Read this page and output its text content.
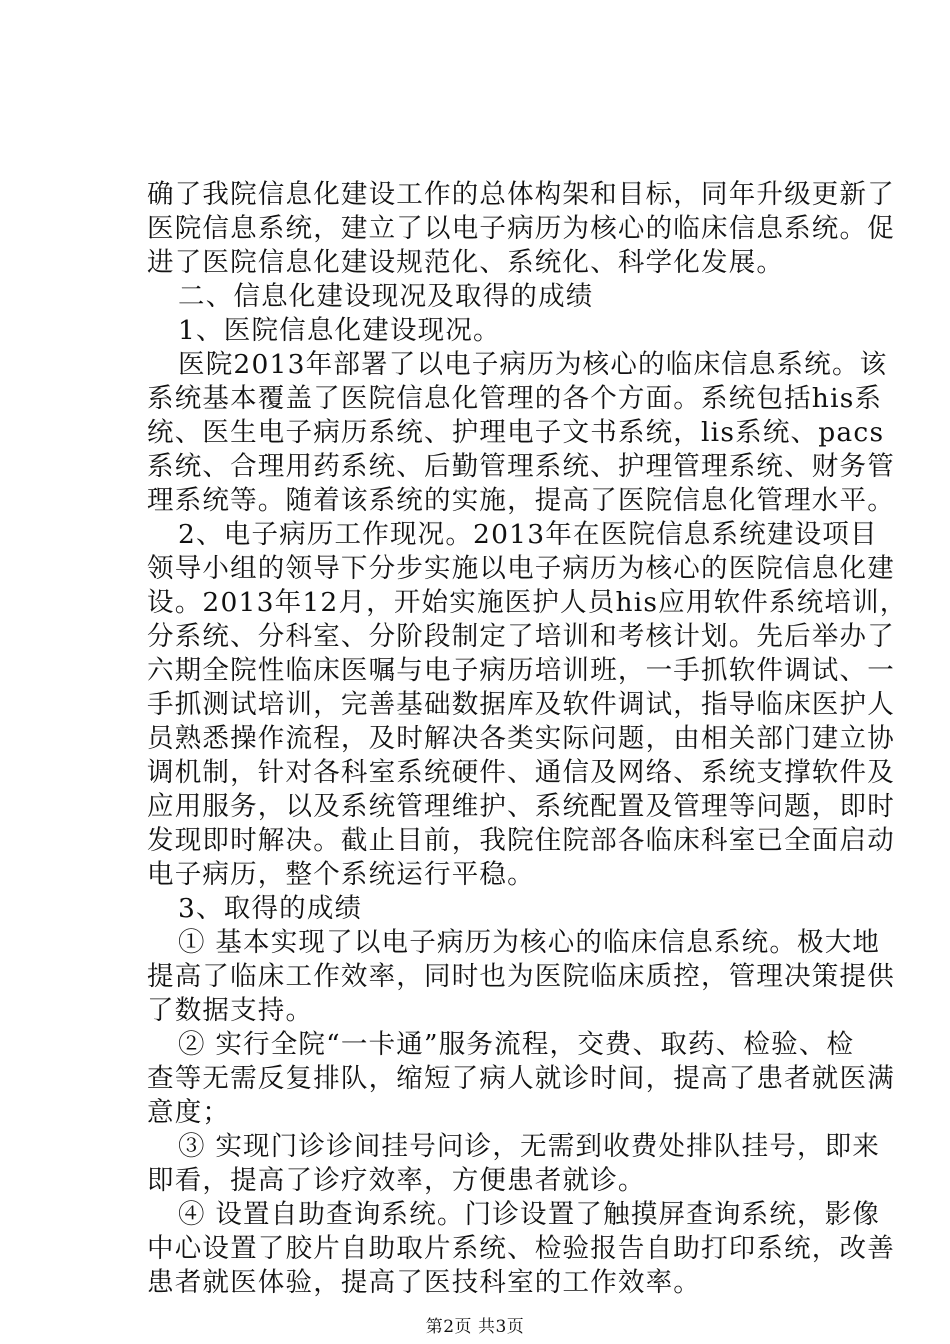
确了我院信息化建设工作的总体构架和目标，同年升级更新了
医院信息系统，建立了以电子病历为核心的临床信息系统。促
进了医院信息化建设规范化、系统化、科学化发展。
二、信息化建设现况及取得的成绩
1、医院信息化建设现况。
医院2013年部署了以电子病历为核心的临床信息系统。该
系统基本覆盖了医院信息化管理的各个方面。系统包括his系
统、医生电子病历系统、护理电子文书系统，lis系统、pacs
系统、合理用药系统、后勤管理系统、护理管理系统、财务管
理系统等。随着该系统的实施，提高了医院信息化管理水平。
2、电子病历工作现况。2013年在医院信息系统建设项目
领导小组的领导下分步实施以电子病历为核心的医院信息化建
设。2013年12月，开始实施医护人员his应用软件系统培训，
分系统、分科室、分阶段制定了培训和考核计划。先后举办了
六期全院性临床医嘱与电子病历培训班，一手抓软件调试、一
手抓测试培训，完善基础数据库及软件调试，指导临床医护人
员熟悉操作流程，及时解决各类实际问题，由相关部门建立协
调机制，针对各科室系统硬件、通信及网络、系统支撑软件及
应用服务，以及系统管理维护、系统配置及管理等问题，即时
发现即时解决。截止目前，我院住院部各临床科室已全面启动
电子病历，整个系统运行平稳。
3、取得的成绩
① 基本实现了以电子病历为核心的临床信息系统。极大地
提高了临床工作效率，同时也为医院临床质控，管理决策提供
了数据支持。
② 实行全院“一卡通”服务流程，交费、取药、检验、检
查等无需反复排队，缩短了病人就诊时间，提高了患者就医满
意度；
③ 实现门诊诊间挂号问诊，无需到收费处排队挂号，即来
即看，提高了诊疗效率，方便患者就诊。
④ 设置自助查询系统。门诊设置了触摸屏查询系统，影像
中心设置了胶片自助取片系统、检验报告自助打印系统，改善
患者就医体验，提高了医技科室的工作效率。
第2页 共3页
